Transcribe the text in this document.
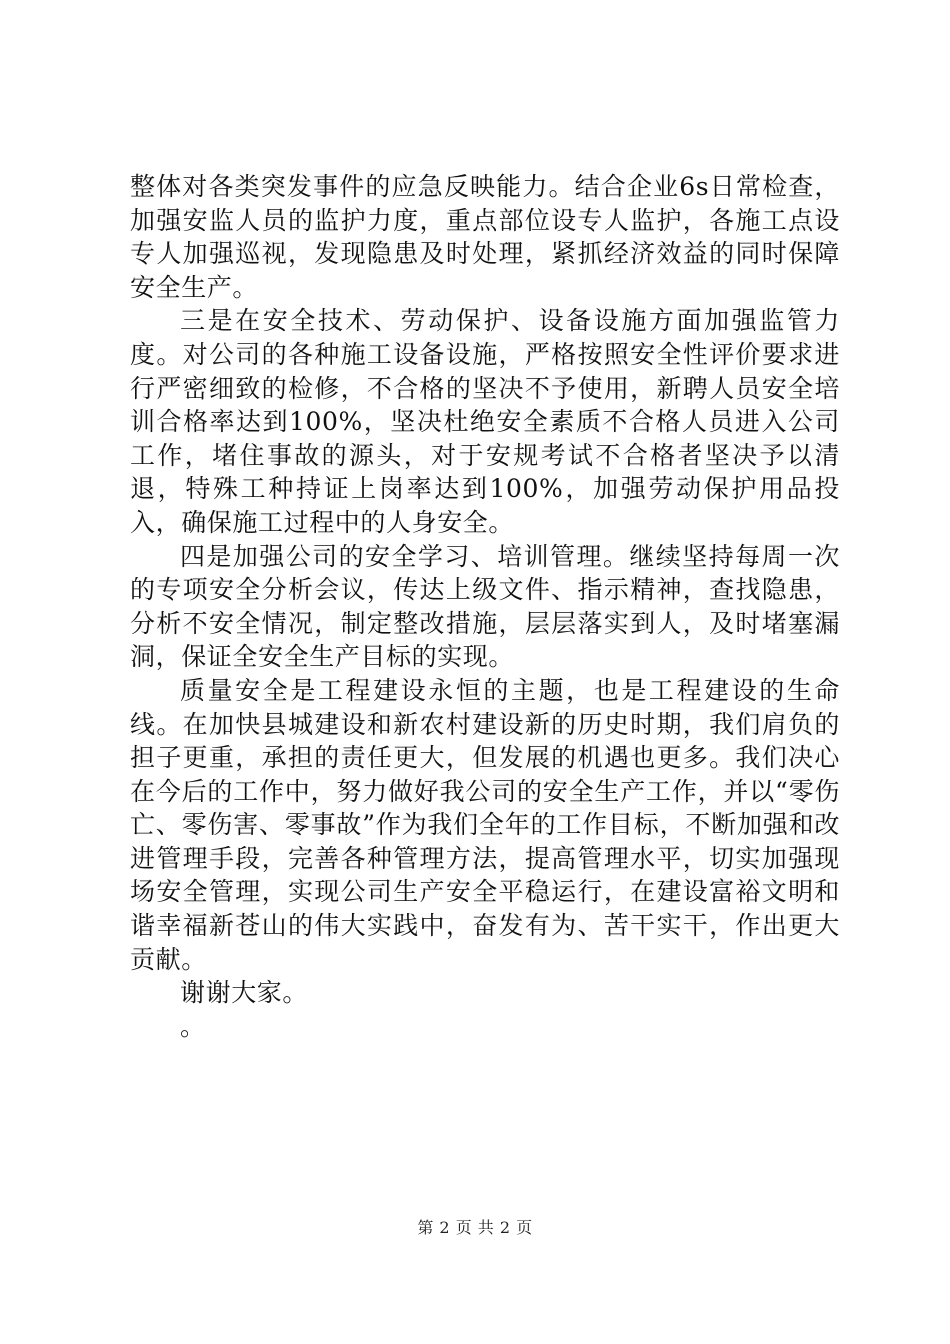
整体对各类突发事件的应急反映能力。结合企业6s日常检查，加强安监人员的监护力度，重点部位设专人监护，各施工点设专人加强巡视，发现隐患及时处理，紧抓经济效益的同时保障安全生产。

三是在安全技术、劳动保护、设备设施方面加强监管力度。对公司的各种施工设备设施，严格按照安全性评价要求进行严密细致的检修，不合格的坚决不予使用，新聘人员安全培训合格率达到100%，坚决杜绝安全素质不合格人员进入公司工作，堵住事故的源头，对于安规考试不合格者坚决予以清退，特殊工种持证上岗率达到100%，加强劳动保护用品投入，确保施工过程中的人身安全。

四是加强公司的安全学习、培训管理。继续坚持每周一次的专项安全分析会议，传达上级文件、指示精神，查找隐患，分析不安全情况，制定整改措施，层层落实到人，及时堵塞漏洞，保证全安全生产目标的实现。

质量安全是工程建设永恒的主题，也是工程建设的生命线。在加快县城建设和新农村建设新的历史时期，我们肩负的担子更重，承担的责任更大，但发展的机遇也更多。我们决心在今后的工作中，努力做好我公司的安全生产工作，并以“零伤亡、零伤害、零事故”作为我们全年的工作目标，不断加强和改进管理手段，完善各种管理方法，提高管理水平，切实加强现场安全管理，实现公司生产安全平稳运行，在建设富裕文明和谐幸福新苍山的伟大实践中，奋发有为、苦干实干，作出更大贡献。

谢谢大家。

。

第 2 页 共 2 页
